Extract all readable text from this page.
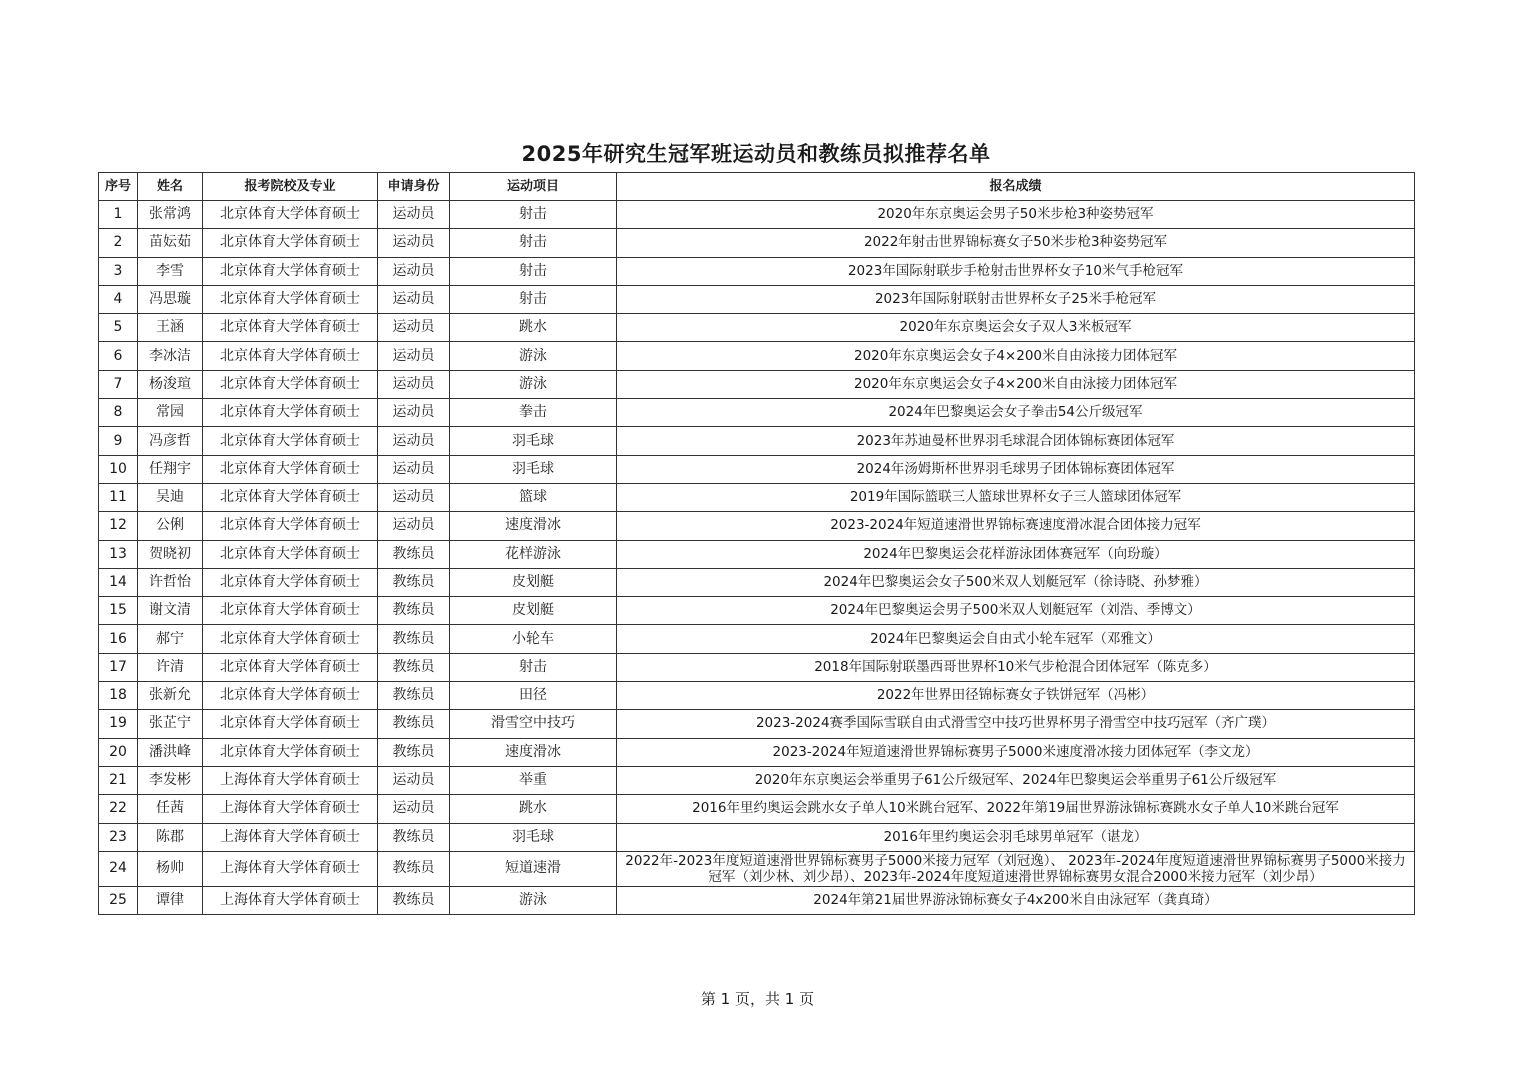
2025年研究生冠军班运动员和教练员拟推荐名单
序号	姓名	报考院校及专业	申请身份	运动项目	报名成绩
1	张常鸿	北京体育大学体育硕士	运动员	射击	2020年东京奥运会男子50米步枪3种姿势冠军
2	苗妘茹	北京体育大学体育硕士	运动员	射击	2022年射击世界锦标赛女子50米步枪3种姿势冠军
3	李雪	北京体育大学体育硕士	运动员	射击	2023年国际射联步手枪射击世界杯女子10米气手枪冠军
4	冯思璇	北京体育大学体育硕士	运动员	射击	2023年国际射联射击世界杯女子25米手枪冠军
5	王涵	北京体育大学体育硕士	运动员	跳水	2020年东京奥运会女子双人3米板冠军
6	李冰洁	北京体育大学体育硕士	运动员	游泳	2020年东京奥运会女子4×200米自由泳接力团体冠军
7	杨浚瑄	北京体育大学体育硕士	运动员	游泳	2020年东京奥运会女子4×200米自由泳接力团体冠军
8	常园	北京体育大学体育硕士	运动员	拳击	2024年巴黎奥运会女子拳击54公斤级冠军
9	冯彦哲	北京体育大学体育硕士	运动员	羽毛球	2023年苏迪曼杯世界羽毛球混合团体锦标赛团体冠军
10	任翔宇	北京体育大学体育硕士	运动员	羽毛球	2024年汤姆斯杯世界羽毛球男子团体锦标赛团体冠军
11	吴迪	北京体育大学体育硕士	运动员	篮球	2019年国际篮联三人篮球世界杯女子三人篮球团体冠军
12	公俐	北京体育大学体育硕士	运动员	速度滑冰	2023-2024年短道速滑世界锦标赛速度滑冰混合团体接力冠军
13	贺晓初	北京体育大学体育硕士	教练员	花样游泳	2024年巴黎奥运会花样游泳团体赛冠军（向玢璇）
14	许哲怡	北京体育大学体育硕士	教练员	皮划艇	2024年巴黎奥运会女子500米双人划艇冠军（徐诗晓、孙梦雅）
15	谢文清	北京体育大学体育硕士	教练员	皮划艇	2024年巴黎奥运会男子500米双人划艇冠军（刘浩、季博文）
16	郝宁	北京体育大学体育硕士	教练员	小轮车	2024年巴黎奥运会自由式小轮车冠军（邓雅文）
17	许清	北京体育大学体育硕士	教练员	射击	2018年国际射联墨西哥世界杯10米气步枪混合团体冠军（陈克多）
18	张新允	北京体育大学体育硕士	教练员	田径	2022年世界田径锦标赛女子铁饼冠军（冯彬）
19	张芷宁	北京体育大学体育硕士	教练员	滑雪空中技巧	2023-2024赛季国际雪联自由式滑雪空中技巧世界杯男子滑雪空中技巧冠军（齐广璞）
20	潘洪峰	北京体育大学体育硕士	教练员	速度滑冰	2023-2024年短道速滑世界锦标赛男子5000米速度滑冰接力团体冠军（李文龙）
21	李发彬	上海体育大学体育硕士	运动员	举重	2020年东京奥运会举重男子61公斤级冠军、2024年巴黎奥运会举重男子61公斤级冠军
22	任茜	上海体育大学体育硕士	运动员	跳水	2016年里约奥运会跳水女子单人10米跳台冠军、2022年第19届世界游泳锦标赛跳水女子单人10米跳台冠军
23	陈郡	上海体育大学体育硕士	教练员	羽毛球	2016年里约奥运会羽毛球男单冠军（谌龙）
24	杨帅	上海体育大学体育硕士	教练员	短道速滑	2022年-2023年度短道速滑世界锦标赛男子5000米接力冠军（刘冠逸）、 2023年-2024年度短道速滑世界锦标赛男子5000米接力冠军（刘少林、刘少昂）、2023年-2024年度短道速滑世界锦标赛男女混合2000米接力冠军（刘少昂）
25	谭律	上海体育大学体育硕士	教练员	游泳	2024年第21届世界游泳锦标赛女子4x200米自由泳冠军（龚真琦）
第 1 页，共 1 页
